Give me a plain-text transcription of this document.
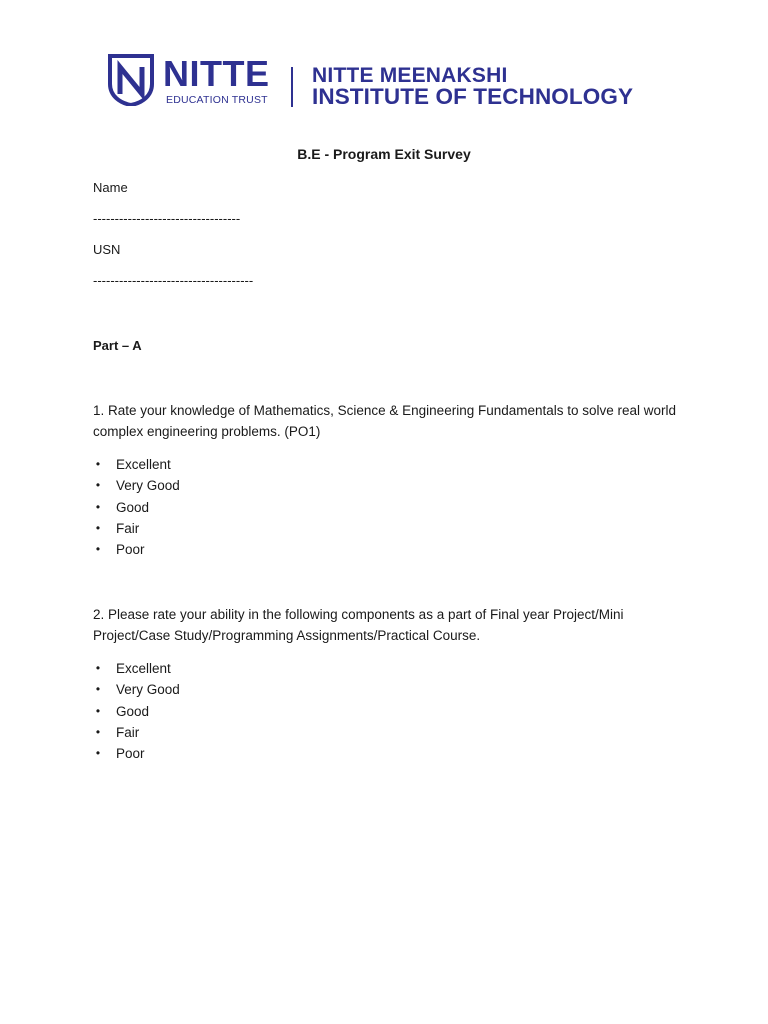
NITTE
EDUCATION TRUST
NITTE MEENAKSHI
INSTITUTE OF TECHNOLOGY
B.E - Program Exit Survey
Name
----------------------------------
USN
-------------------------------------
Part – A
1. Rate your knowledge of Mathematics, Science & Engineering Fundamentals to solve real world complex engineering problems. (PO1)
• Excellent
• Very Good
• Good
• Fair
• Poor
2. Please rate your ability in the following components as a part of Final year Project/Mini Project/Case Study/Programming Assignments/Practical Course.
• Excellent
• Very Good
• Good
• Fair
• Poor
